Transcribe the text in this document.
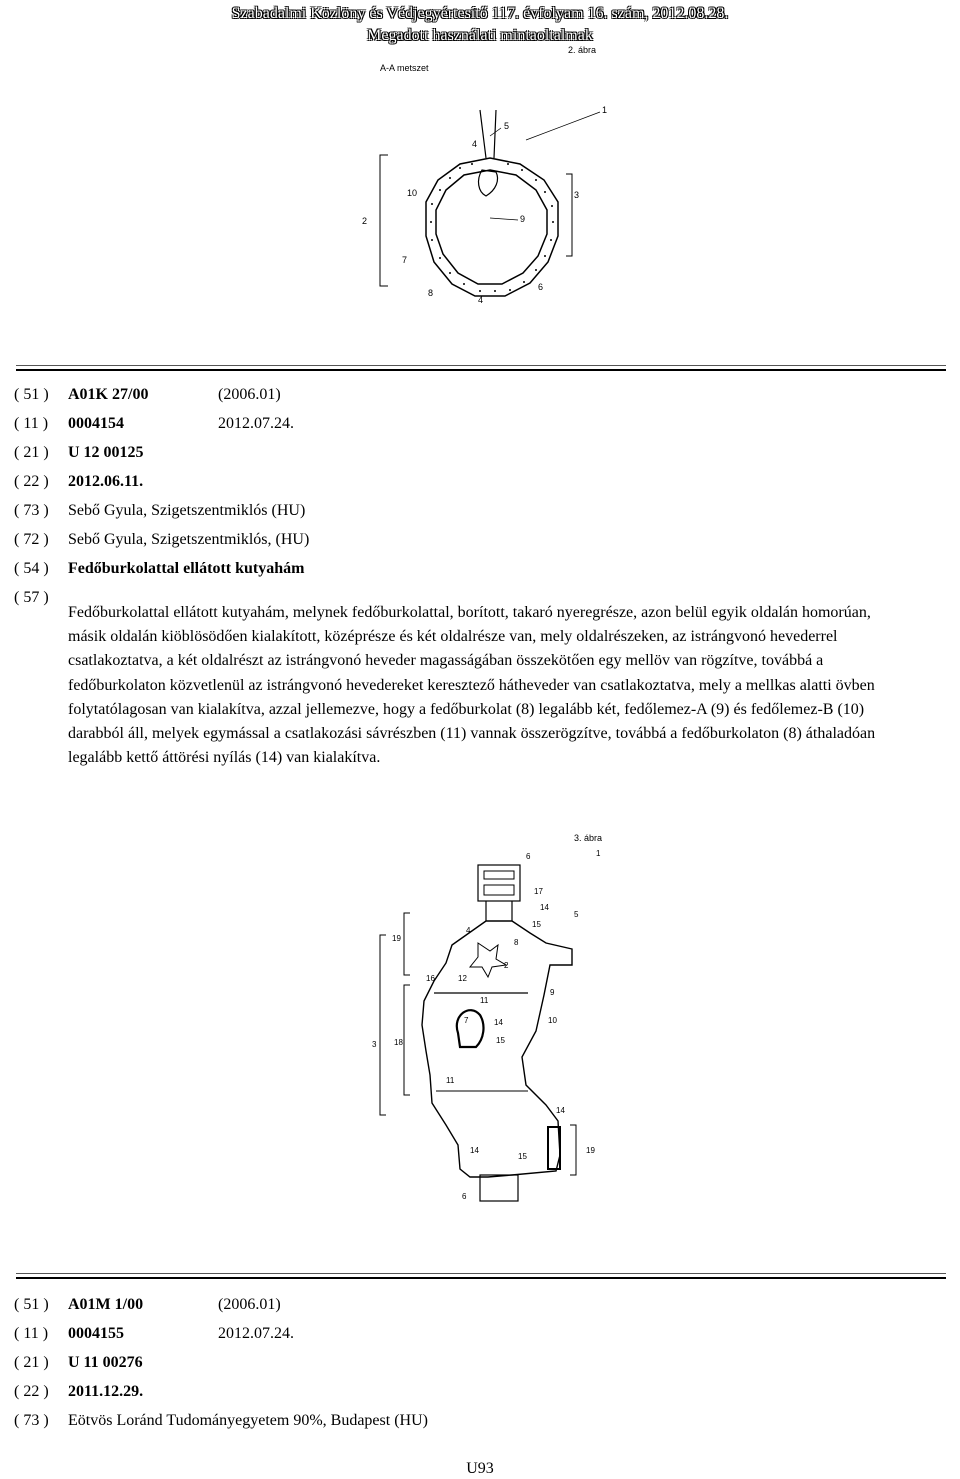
Szabadalmi Közlöny és Védjegyértesítő 117. évfolyam 16. szám, 2012.08.28.
Megadott használati mintaoltalmak
2. ábra
A-A metszet
1
5
4
3
10
9
2
7
8
4
6
( 51 ) A01K 27/00	(2006.01)
( 11 ) 0004154	2012.07.24.
( 21 ) U 12 00125
( 22 ) 2012.06.11.
( 73 ) Sebő Gyula, Szigetszentmiklós (HU)
( 72 ) Sebő Gyula, Szigetszentmiklós, (HU)
( 54 ) Fedőburkolattal ellátott kutyahám
( 57 )
Fedőburkolattal ellátott kutyahám, melynek fedőburkolattal, borított, takaró nyeregrésze, azon belül egyik oldalán homorúan, másik oldalán kiöblösödően kialakított, középrésze és két oldalrésze van, mely oldalrészeken, az istrángvonó hevederrel csatlakoztatva, a két oldalrészt az istrángvonó heveder magasságában összekötően egy mellöv van rögzítve, továbbá a fedőburkolaton közvetlenül az istrángvonó hevedereket keresztező hátheveder van csatlakoztatva, mely a mellkas alatti övben folytatólagosan van kialakítva, azzal jellemezve, hogy a fedőburkolat (8) legalább két, fedőlemez-A (9) és fedőlemez-B (10) darabból áll, melyek egymással a csatlakozási sávrészben (11) vannak összerögzítve, továbbá a fedőburkolaton (8) áthaladóan legalább kettő áttörési nyílás (14) van kialakítva.
3. ábra
6	1
17
14
5
19
4
15
8
2
16	12
9
11
7	14	10
3 18	15
11
14
14
15
19
6
( 51 ) A01M 1/00	(2006.01)
( 11 ) 0004155	2012.07.24.
( 21 ) U 11 00276
( 22 ) 2011.12.29.
( 73 ) Eötvös Loránd Tudományegyetem 90%, Budapest (HU)
U93
